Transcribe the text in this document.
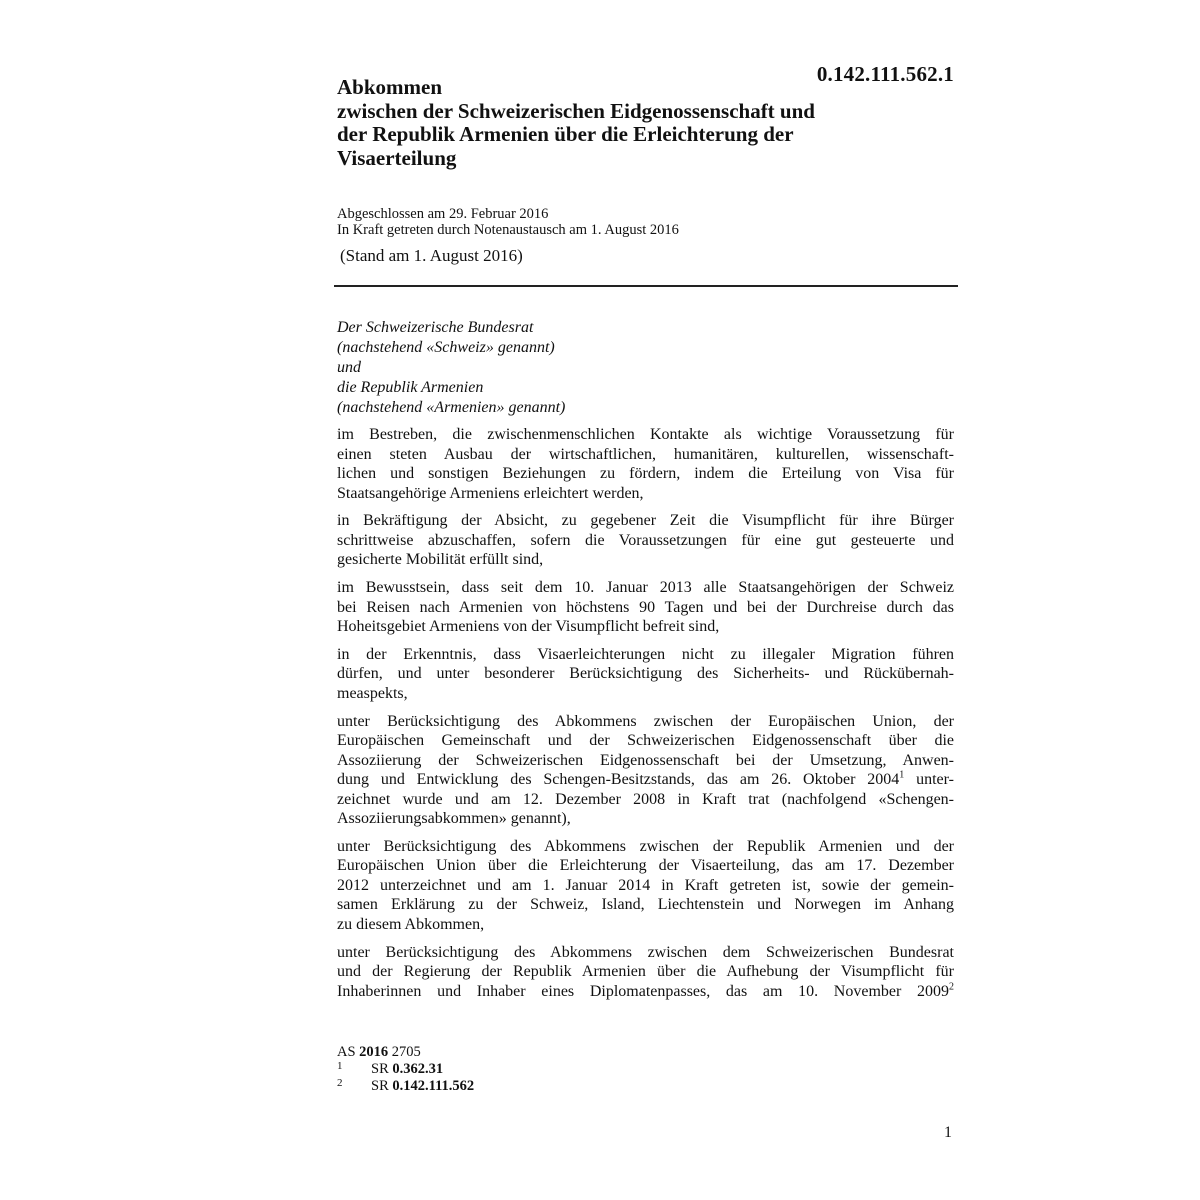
0.142.111.562.1
Abkommen
zwischen der Schweizerischen Eidgenossenschaft und
der Republik Armenien über die Erleichterung der
Visaerteilung
Abgeschlossen am 29. Februar 2016
In Kraft getreten durch Notenaustausch am 1. August 2016
(Stand am 1. August 2016)
Der Schweizerische Bundesrat
(nachstehend «Schweiz» genannt)
und
die Republik Armenien
(nachstehend «Armenien» genannt)
im Bestreben, die zwischenmenschlichen Kontakte als wichtige Voraussetzung für
einen steten Ausbau der wirtschaftlichen, humanitären, kulturellen, wissenschaft-
lichen und sonstigen Beziehungen zu fördern, indem die Erteilung von Visa für
Staatsangehörige Armeniens erleichtert werden,
in Bekräftigung der Absicht, zu gegebener Zeit die Visumpflicht für ihre Bürger
schrittweise abzuschaffen, sofern die Voraussetzungen für eine gut gesteuerte und
gesicherte Mobilität erfüllt sind,
im Bewusstsein, dass seit dem 10. Januar 2013 alle Staatsangehörigen der Schweiz
bei Reisen nach Armenien von höchstens 90 Tagen und bei der Durchreise durch das
Hoheitsgebiet Armeniens von der Visumpflicht befreit sind,
in der Erkenntnis, dass Visaerleichterungen nicht zu illegaler Migration führen
dürfen, und unter besonderer Berücksichtigung des Sicherheits- und Rückübernah-
measpekts,
unter Berücksichtigung des Abkommens zwischen der Europäischen Union, der
Europäischen Gemeinschaft und der Schweizerischen Eidgenossenschaft über die
Assoziierung der Schweizerischen Eidgenossenschaft bei der Umsetzung, Anwen-
dung und Entwicklung des Schengen-Besitzstands, das am 26. Oktober 2004$^1$ unter-
zeichnet wurde und am 12. Dezember 2008 in Kraft trat (nachfolgend «Schengen-
Assoziierungsabkommen» genannt),
unter Berücksichtigung des Abkommens zwischen der Republik Armenien und der
Europäischen Union über die Erleichterung der Visaerteilung, das am 17. Dezember
2012 unterzeichnet und am 1. Januar 2014 in Kraft getreten ist, sowie der gemein-
samen Erklärung zu der Schweiz, Island, Liechtenstein und Norwegen im Anhang
zu diesem Abkommen,
unter Berücksichtigung des Abkommens zwischen dem Schweizerischen Bundesrat
und der Regierung der Republik Armenien über die Aufhebung der Visumpflicht für
Inhaberinnen und Inhaber eines Diplomatenpasses, das am 10. November 2009$^2$
AS 2016 2705
1	SR 0.362.31
2	SR 0.142.111.562
1
